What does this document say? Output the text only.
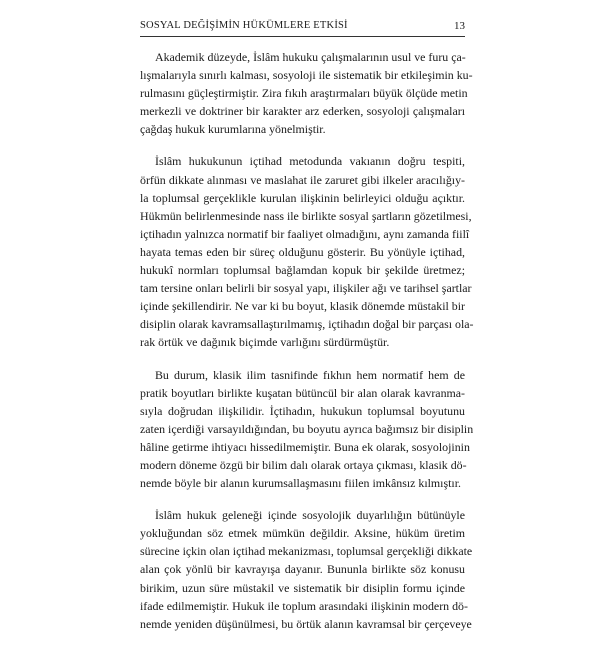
SOSYAL DEĞİŞİMİN HÜKÜMLERE ETKİSİ	13
Akademik düzeyde, İslâm hukuku çalışmalarının usul ve furu ça-
lışmalarıyla sınırlı kalması, sosyoloji ile sistematik bir etkileşimin ku-
rulmasını güçleştirmiştir. Zira fıkıh araştırmaları büyük ölçüde metin
merkezli ve doktriner bir karakter arz ederken, sosyoloji çalışmaları
çağdaş hukuk kurumlarına yönelmiştir.
İslâm hukukunun içtihad metodunda vakıanın doğru tespiti,
örfün dikkate alınması ve maslahat ile zaruret gibi ilkeler aracılığıy-
la toplumsal gerçeklikle kurulan ilişkinin belirleyici olduğu açıktır.
Hükmün belirlenmesinde nass ile birlikte sosyal şartların gözetilmesi,
içtihadın yalnızca normatif bir faaliyet olmadığını, aynı zamanda fiilî
hayata temas eden bir süreç olduğunu gösterir. Bu yönüyle içtihad,
hukukî normları toplumsal bağlamdan kopuk bir şekilde üretmez;
tam tersine onları belirli bir sosyal yapı, ilişkiler ağı ve tarihsel şartlar
içinde şekillendirir. Ne var ki bu boyut, klasik dönemde müstakil bir
disiplin olarak kavramsallaştırılmamış, içtihadın doğal bir parçası ola-
rak örtük ve dağınık biçimde varlığını sürdürmüştür.
Bu durum, klasik ilim tasnifinde fıkhın hem normatif hem de
pratik boyutları birlikte kuşatan bütüncül bir alan olarak kavranma-
sıyla doğrudan ilişkilidir. İçtihadın, hukukun toplumsal boyutunu
zaten içerdiği varsayıldığından, bu boyutu ayrıca bağımsız bir disiplin
hâline getirme ihtiyacı hissedilmemiştir. Buna ek olarak, sosyolojinin
modern döneme özgü bir bilim dalı olarak ortaya çıkması, klasik dö-
nemde böyle bir alanın kurumsallaşmasını fiilen imkânsız kılmıştır.
İslâm hukuk geleneği içinde sosyolojik duyarlılığın bütünüyle
yokluğundan söz etmek mümkün değildir. Aksine, hüküm üretim
sürecine içkin olan içtihad mekanizması, toplumsal gerçekliği dikkate
alan çok yönlü bir kavrayışa dayanır. Bununla birlikte söz konusu
birikim, uzun süre müstakil ve sistematik bir disiplin formu içinde
ifade edilmemiştir. Hukuk ile toplum arasındaki ilişkinin modern dö-
nemde yeniden düşünülmesi, bu örtük alanın kavramsal bir çerçeveye
